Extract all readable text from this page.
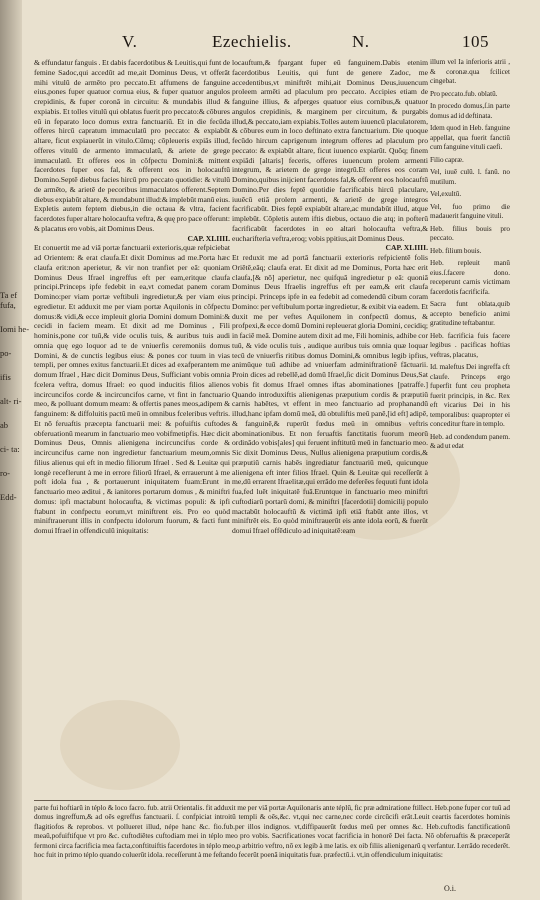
Ta ef fufa,
Iomi he-
po-
ifis
alt- ri-
ab
ci- ta:
ro-
Edd-
V.	Ezechielis.	N.	105

& effundatur fanguis . Et dabis facerdotibus & Leuitis,qui funt de femine Sadoc,qui accedūt ad me,ait Dominus Deus, vt offerāt mihi vitulū de armēto pro peccato.Et affumens de fanguine eius,pones fuper quatuor cornua eius, & fuper quatuor angulos crepidinis, & fuper coronā in circuitu: & mundabis illud & expiabis. Et tolles vitulū qui oblatus fuerit pro peccato:& cōbures eū in feparato loco domus extra fanctuariū. Et in die fecūda offeres hircū capratum immaculatū pro peccato: & expiabūt altare, ficut expiauerūt in vitulo.Cūmq; cōpleueris expiās illud, offeres vitulū de armento immaculatū, & ariete de grege immaculatū. Et offeres eos in cōfpectu Domini:& mittent facerdotes fuper eos fal, & offerent eos in holocauftū Domino.Septē diebus facies hircū pro peccato quotidie: & vitulū de armēto, & arietē de pecoribus immaculatos offerent.Septem diebus expiabūt altare, & mundabunt illud:& implebūt manū eius. Expletis autem feptem diebus,in die octaua & vltra, facient facerdotes fuper altare holocaufta veftra, & quę pro pace offerunt: & placatus ero vobis, ait Dominus Deus.

CAP. XLIIII.

Et conuertit me ad viā portæ fanctuarii exterioris,quæ refpiciebat ad Orientem: & erat claufa.Et dixit Dominus ad me.Porta hæc claufa erit:non aperietur, & vir non tranfiet per eā: quoniam Dominus Deus Ifrael ingreffus eft per eam,eritque claufa principi.Princeps ipfe fedebit in ea,vt comedat panem coram Domino:per viam portæ veftibuli ingredietur,& per viam eius egredietur. Et adduxit me per viam portæ Aquilonis in cōfpectu domus:& vidi,& ecce impleuit gloria Domini domum Domini:& cecidi in faciem meam. Et dixit ad me Dominus , Fili hominis,pone cor tuū,& vide oculis tuis, & auribus tuis audi omnia quę ego loquor ad te de vniuerfis ceremoniis domus Domini, & de cunctis legibus eius: & pones cor tuum in vias templi, per omnes exitus fanctuarii.Et dices ad exafperantem me domum Ifrael , Hæc dicit Dominus Deus, Sufficiant vobis omnia fcelera veftra, domus Ifrael: eo quod inducitis filios alienos incircuncifos corde & incircuncifos carne, vt fint in fanctuario meo, & polluant domum meam: & offertis panes meos,adipem & fanguinem: & diffoluitis pactū meū in omnibus fceleribus veftris. Et nō feruaftis præcepta fanctuarii mei: & pofuiftis cuftodes obferuationū mearum in fanctuario meo vobifmetipfis. Hæc dicit Dominus Deus, Omnis alienigena incircuncifus corde & incircuncifus carne non ingredietur fanctuarium meum,omnis filius alienus qui eft in medio filiorum Ifrael . Sed & Leuitæ qui longè receflerunt à me in errore filiorū Ifrael, & errauerunt à me poft idola fua , & portauerunt iniquitatem fuam:Erunt in fanctuario meo æditui , & ianitores portarum domus , & miniftri domus: ipfi mactabunt holocaufta, & victimas populi: & ipfi ftabunt in confpectu eorum,vt miniftrent eis. Pro eo quòd miniftrauerunt illis in confpectu idolorum fuorum, & facti funt domui Ifrael in offendiculū iniquitatis:

locauftum,& fpargant fuper eū fanguinem.Dabis etenim facerdotibus Leuitis, qui funt de genere Zadoc, me accedentibus,vt miniftrēt mihi,ait Dominus Deus,iuuencum proleem armēti ad placulum pro peccato. Accipies etiam de fanguine illius, & afperges quatuor eius cornibus,& quatuor angulos crepidinis, & marginem per circuitum, & purgabis illud,& peccato,iam expiabis.Tolles autem iuuencū placulatorem, & cōbures eum in loco deftinato extra fanctuarium. Die quoque fecūdo hircum caprigenum integrum offeres ad placulum pro peccato: & expiabūt altare, ficut iuuenco expiarūt. Quōq; finem expiādi [altaris] feceris, offeres iuuencum prolem armenti integrum, & arietem de grege integrū.Et offeres eos coram Domino,quibus inijcient facerdotes fal,& offerent eos holocauftū Domino.Per dies feptē quotidie facrificabis hircū placulare, iuuēcū etiā prolem armenti, & arietē de grege integros facrificabūt. Dies feptē expiabūt altare,ac mundabūt illud, atque implebūt. Cōpletis autem iftis diebus, octauo die atq; in pofterū facrificabūt facerdotes in eo altari holocaufta veftra,& eucharifterìa veftra,eroq; vobis ppitius,ait Dominus Deus.

CAP. XLIIII.

Et reduxit me ad portā fanctuarii exterioris refpicientē folis Oriētē,eāq; claufa erat. Et dixit ad me Dominus, Porta hæc erit claufa,[& nō] aperietur, nec quifquā ingredietur p eā: quoniā Dominus Deus Ifraelis ingreffus eft per eam,& erit claufa principi. Princeps ipfe in ea fedebit ad comedendū cibum coram Domino: per veftibulum portæ ingredietur, & exibit via eadem. Et duxit me per veftes Aquilonem in confpectū domus, & profpexi,& ecce domū Domini repleuerat gloria Domini, cecidiq; in faciē meā. Domine autem dixit ad me, Fili hominis, adhibe cor tuū, & vide oculis tuis , audique auribus tuis omnia quæ loquar tecū de vniuerfis ritibus domus Domini,& omnibus legib ipfius, animūque tuū adhibe ad vniuerfam adminiftrationē fāctuarii. Proin dices ad rebellē,ad domū Ifrael,ſic dicit Dominus Deus,Sat vobis fit domus Ifrael omnes iftas abominationes [patraffe.] Quando introduxiftis alienigenas præputium cordis & præputiū carnis habētes, vt effent in meo fanctuario ad prophanandū illud,hanc ipfam domū meā, dū obtuliftis meū panē,[id eft] adipē, & fanguinē,& ruperūt fœdus meū in omnibus veftris abominationibus. Et non feruaftis fanctitatis fuorum meorū ordinādo vobis[ales] qui feruent inftitutū meū in fanctuario meo. Sic dixit Dominus Deus, Nullus alienigena præputium cordis,& præputiū carnis habēs ingrediatur fanctuariū meū, quicunque alienigena eft inter filios Ifrael. Quin & Leuitæ qui receſſerūt à me,dū errarent Ifraelitæ,qui errādo me deferēes fequuti funt idola fua,fed luēt iniquitatē fuā.Eruntque in fanctuario meo miniftri cuftodiarū portarū domi, & miniftri [facerdotii] domicilij populo mactabūt holocauftū & victimā ipfi etiā ftabūt ante illos, vt miniftrēt eis. Eo quòd miniftrauerūt eis ante idola eorū, & fuerūt domui Ifrael offēdiculo ad iniquitatē:eam

illum vel Ia inferioris atrii , & coronæ.qua fcilicet cingebat.

Pro peccato.fub. oblatū.

In procedo domus,ſ.in parte domus ad id deftinata.

Idem quod in Heb. fanguine appellat, qua fuerit fanctiū cum fanguine vituli caefi.

Filio capræ.

Vel, iuuē culū. l. fanū. no mutilum.

Vel,exultū.

Vel, fuo primo die madauerit fanguine vituli.

Heb. filius bouis pro peccato.

Heb. filium bouis.

Heb. repleuit manū eius.ſ.facere dono. receperunt carnis victimam facerdotis facrificifa.

Sacra funt oblata,quib accepto beneficio animi gratitudine teftabantur.

Heb. facrificia fuis facere legibus . pacificas hoftias veftras, placatus,

Id. maleftus Dei ingreffa cft claufe. Princeps ergo fuperfit funt ceu propheta fuerit principis, in &c. Rex eft vicarius Dei in his temporalibus: quapropter ei conceditur ftare in templo.

Heb. ad condendum panem. & ad ut edat

parte fui hoftiarū in téplo & loco facro. fub. atrii Orientalis. fit adduxit me per viā portæ Aquilonaris ante téplū, fic præ admiratione ftillect. Heb.pone fuper cor tuū ad domus ingreffum,& ad oēs egreffus fanctuarii. ſ. confpiciat introitū templi & oēs,&c. vt,qui nec carne,nec corde circūcifi erāt.Leuit ceartis facerdotes hominis flagitiofos & reprobos. vt pollueret illud, népe hanc &c. fio.fub.per illos indignos. vt,diffipauerūt fœdus meū per omnes &c. Heb.cuftodis fanctificationū meaū,pofuiftifque vt pro &c. cuftodiētes cuftodiam mei in téplo meo pro vobis. Sacrificationes vocat facrificia in honorē Dei facta. Nō obferuaftis & præceperāt fermoni circa facrificia mea facta,conftituiftis facerdotes in téplo meo,p arbitrio veftro, nō ex legib à me latis. ex oib filiis alienigenarū q verfantur. I.errādo recederēt. hoc fuit in primo téplo quando coluerūt idola. receſſerunt à me feſtando fecerūt poenā iniquitatis fuæ. præfectū.i. vt,in offendiculum iniquitatis:

O.i.
